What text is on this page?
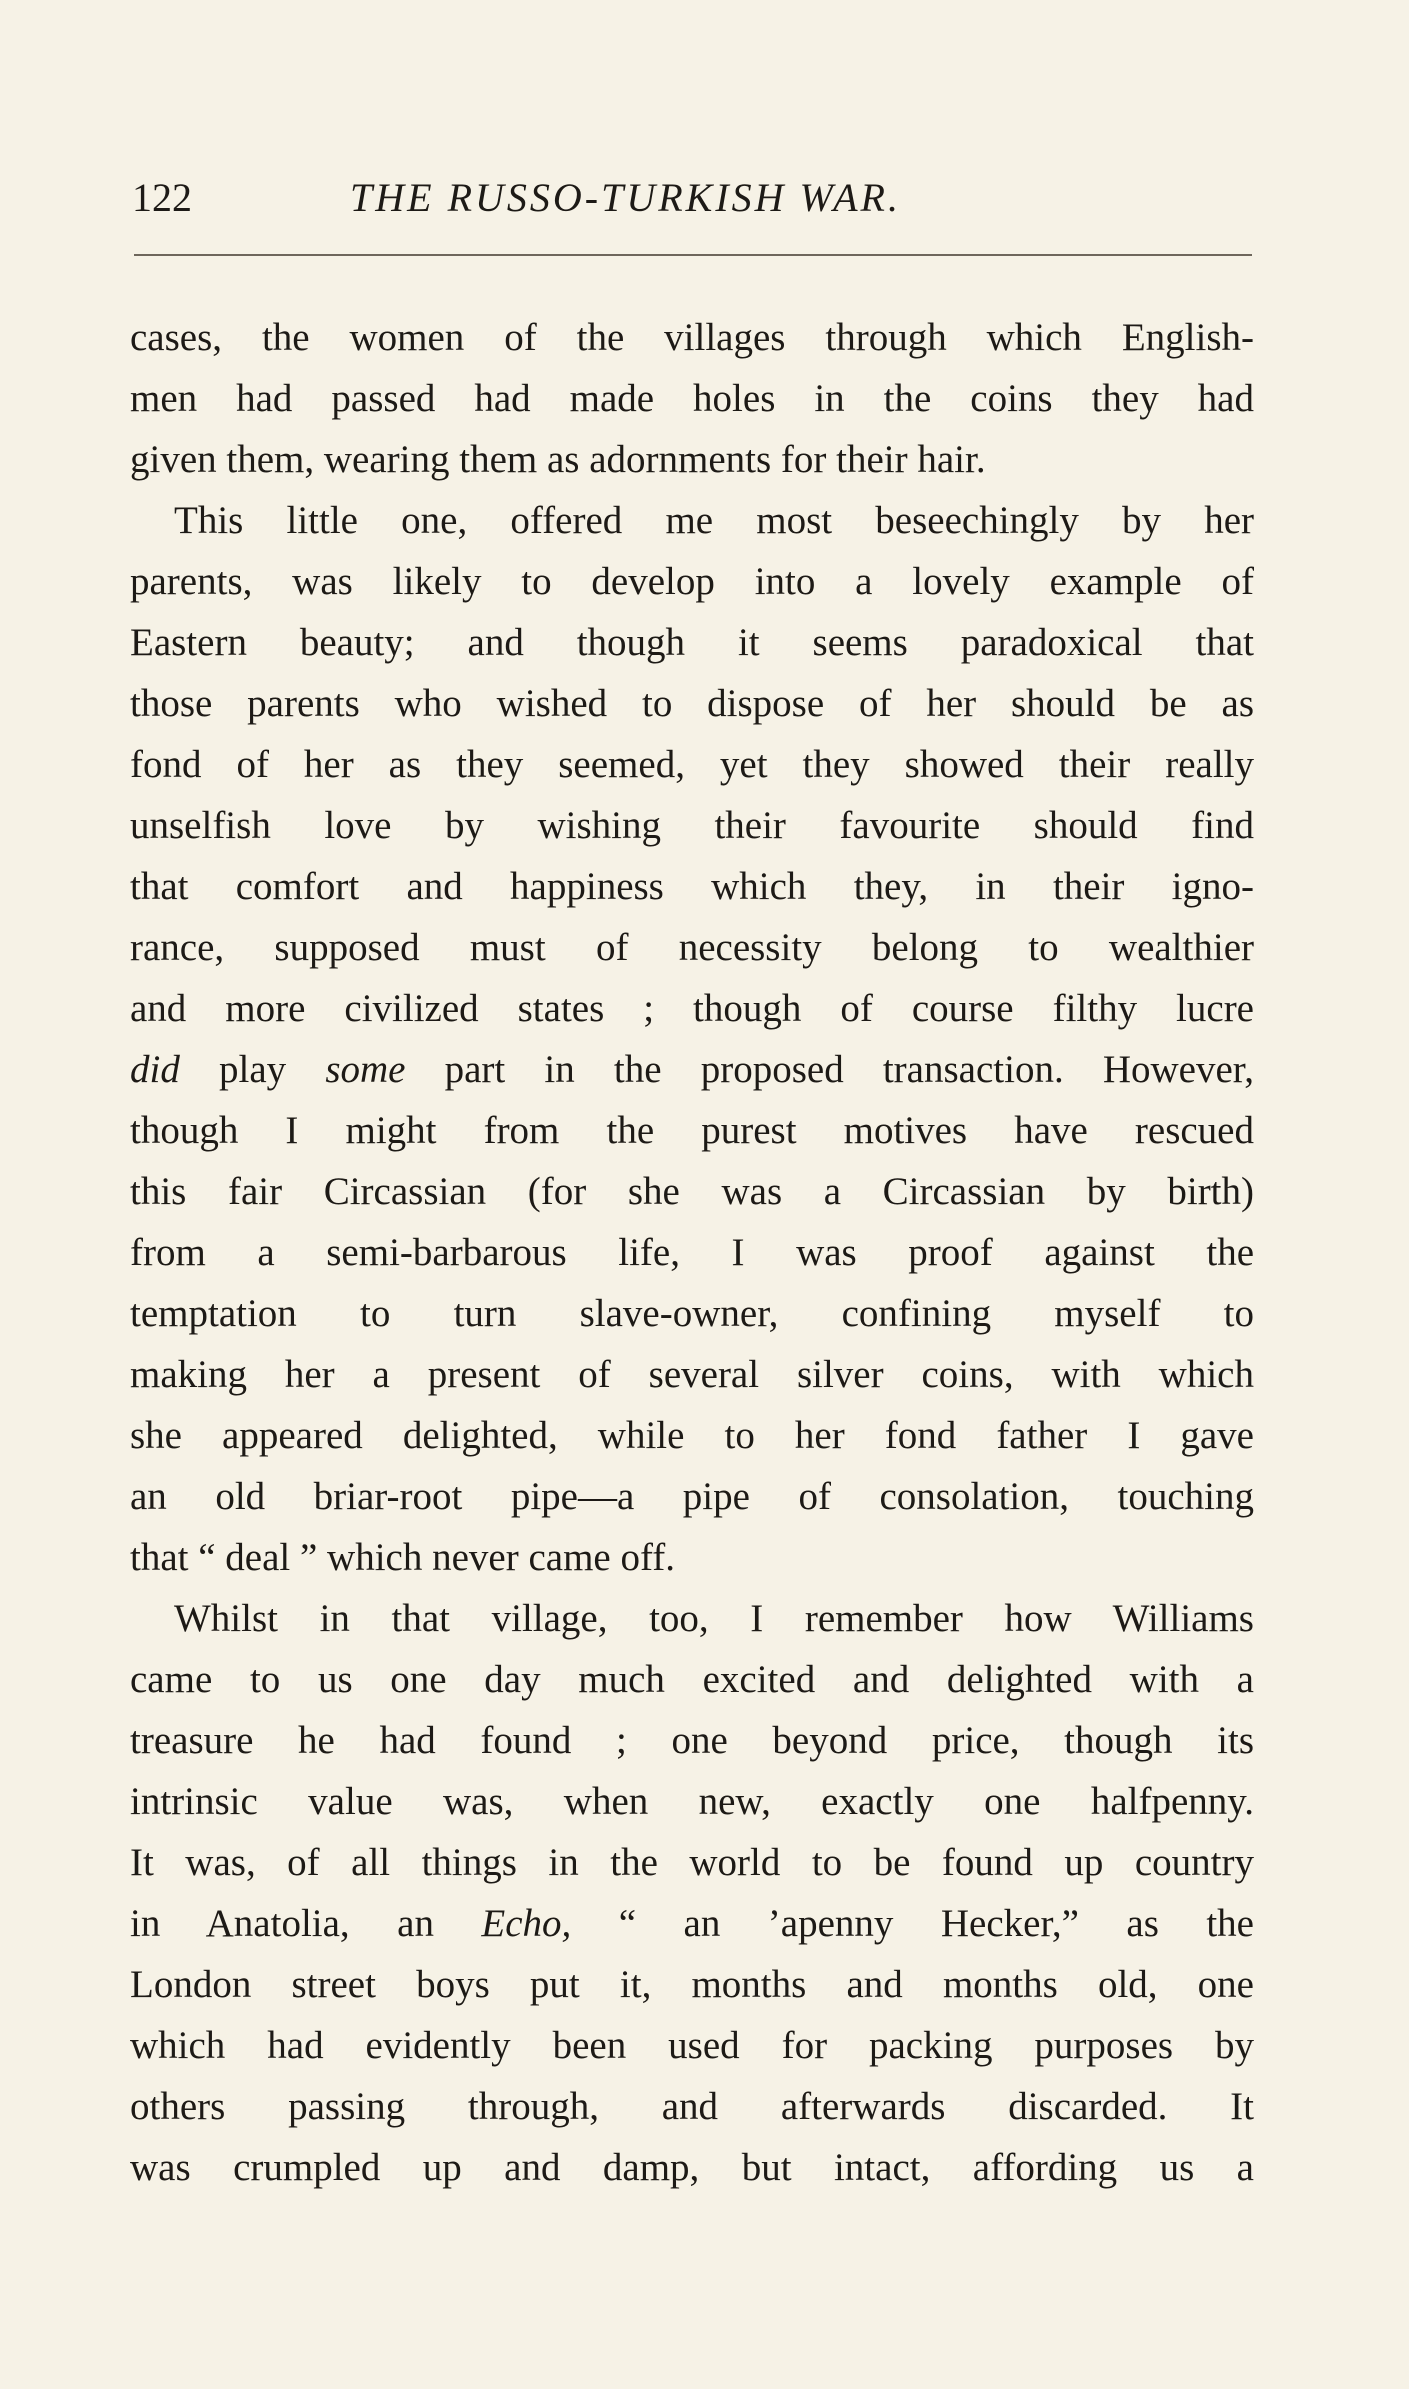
122	THE RUSSO-TURKISH WAR.
cases, the women of the villages through which English-
men had passed had made holes in the coins they had
given them, wearing them as adornments for their hair.
This little one, offered me most beseechingly by her
parents, was likely to develop into a lovely example of
Eastern beauty; and though it seems paradoxical that
those parents who wished to dispose of her should be as
fond of her as they seemed, yet they showed their really
unselfish love by wishing their favourite should find
that comfort and happiness which they, in their igno-
rance, supposed must of necessity belong to wealthier
and more civilized states ; though of course filthy lucre
did play some part in the proposed transaction. However,
though I might from the purest motives have rescued
this fair Circassian (for she was a Circassian by birth)
from a semi-barbarous life, I was proof against the
temptation to turn slave-owner, confining myself to
making her a present of several silver coins, with which
she appeared delighted, while to her fond father I gave
an old briar-root pipe—a pipe of consolation, touching
that “ deal ” which never came off.
Whilst in that village, too, I remember how Williams
came to us one day much excited and delighted with a
treasure he had found ; one beyond price, though its
intrinsic value was, when new, exactly one halfpenny.
It was, of all things in the world to be found up country
in Anatolia, an Echo, “ an ’apenny Hecker,” as the
London street boys put it, months and months old, one
which had evidently been used for packing purposes by
others passing through, and afterwards discarded. It
was crumpled up and damp, but intact, affording us a
